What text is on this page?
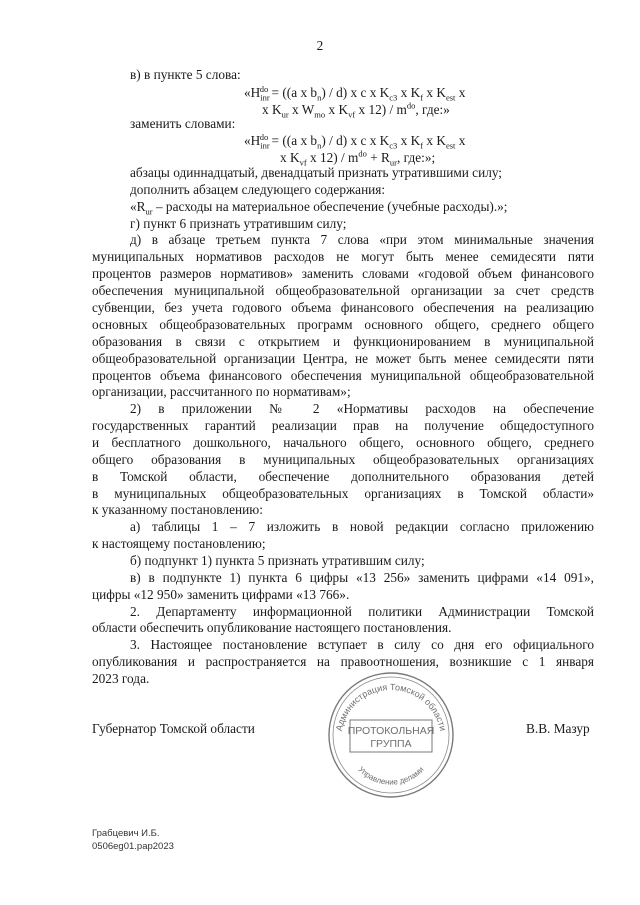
2
в) в пункте 5 слова:
«$H_{inr}^{do} = ((a$ x $b_n) / d$) x c x $K_{c3}$ x $K_f$ x $K_{est}$ x
x $K_{ur}$ x $W_{mo}$ x $K_{vf}$ x $12) / m^{do}$, где:»
заменить словами:
«$H_{inr}^{do} = ((a$ x $b_n) / d$) x c x $K_{c3}$ x $K_f$ x $K_{est}$ x
x $K_{vf}$ x $12) / m^{do} + R_{ur}$, где:»;
абзацы одиннадцатый, двенадцатый признать утратившими силу;
дополнить абзацем следующего содержания:
«$R_{ur}$ – расходы на материальное обеспечение (учебные расходы).»;
г) пункт 6 признать утратившим силу;
д) в абзаце третьем пункта 7 слова «при этом минимальные значения
муниципальных нормативов расходов не могут быть менее семидесяти пяти
процентов размеров нормативов» заменить словами «годовой объем финансового
обеспечения муниципальной общеобразовательной организации за счет средств
субвенции, без учета годового объема финансового обеспечения на реализацию
основных общеобразовательных программ основного общего, среднего общего
образования в связи с открытием и функционированием в муниципальной
общеобразовательной организации Центра, не может быть менее семидесяти пяти
процентов объема финансового обеспечения муниципальной общеобразовательной
организации, рассчитанного по нормативам»;
2) в приложении № 2 «Нормативы расходов на обеспечение
государственных гарантий реализации прав на получение общедоступного
и бесплатного дошкольного, начального общего, основного общего, среднего
общего образования в муниципальных общеобразовательных организациях
в Томской области, обеспечение дополнительного образования детей
в муниципальных общеобразовательных организациях в Томской области»
к указанному постановлению:
а) таблицы 1 – 7 изложить в новой редакции согласно приложению
к настоящему постановлению;
б) подпункт 1) пункта 5 признать утратившим силу;
в) в подпункте 1) пункта 6 цифры «13 256» заменить цифрами «14 091»,
цифры «12 950» заменить цифрами «13 766».
2. Департаменту информационной политики Администрации Томской
области обеспечить опубликование настоящего постановления.
3. Настоящее постановление вступает в силу со дня его официального
опубликования и распространяется на правоотношения, возникшие с 1 января
2023 года.
Администрация Томской области
Управление делами
ПРОТОКОЛЬНАЯ
ГРУППА
Губернатор Томской области	В.В. Мазур
Грабцевич И.Б.
0506eg01.pap2023
